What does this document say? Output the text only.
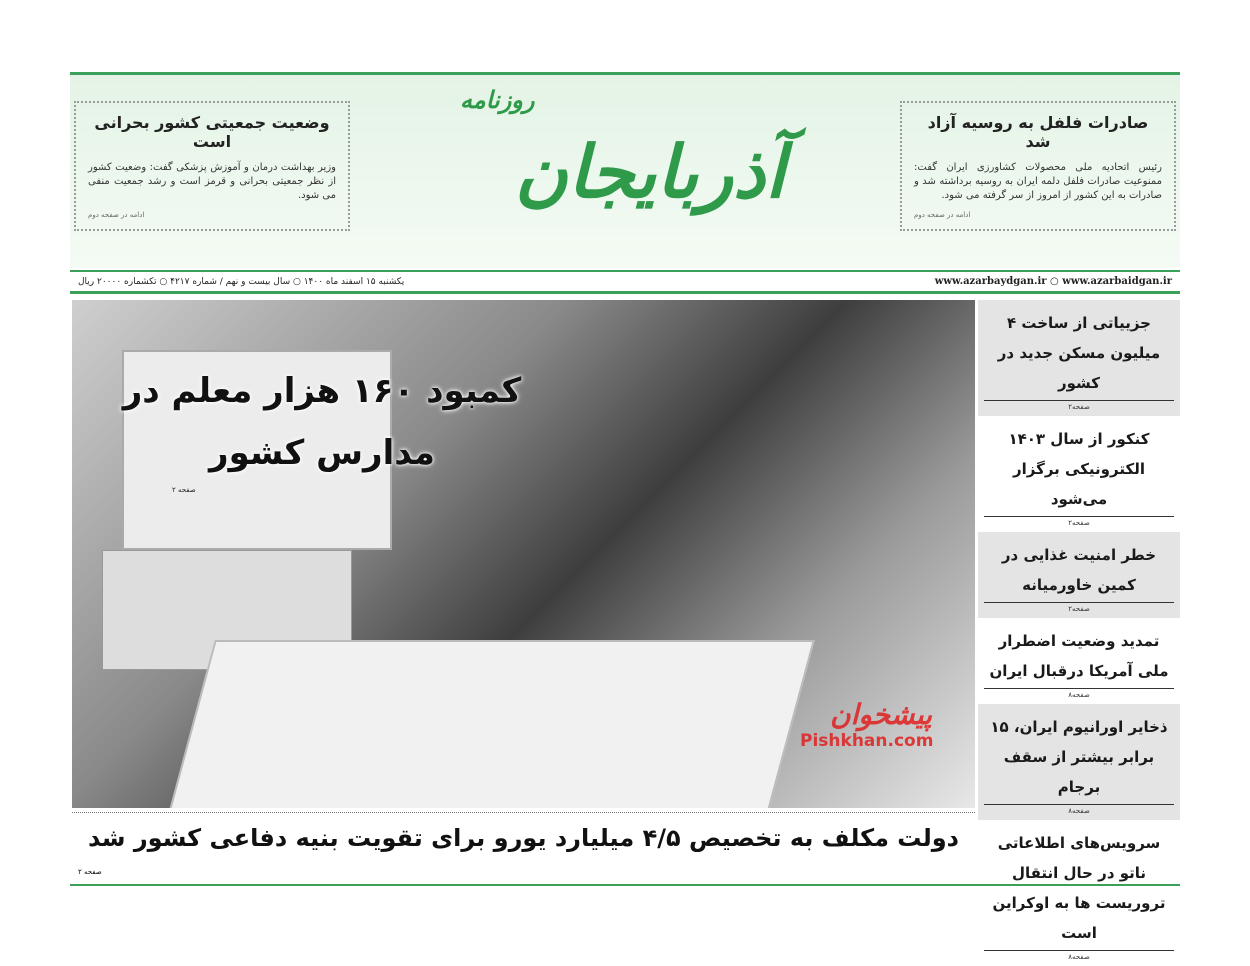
صادرات فلفل به روسیه آزاد شد

رئیس اتحادیه ملی محصولات کشاورزی ایران گفت: ممنوعیت صادرات فلفل دلمه ایران به روسیه برداشته شد و صادرات به این کشور از امروز از سر گرفته می شود.

ادامه در صفحه دوم
روزنامه
آذربایجان
وضعیت جمعیتی کشور بحرانی است

وزیر بهداشت درمان و آموزش پزشکی گفت: وضعیت کشور از نظر جمعیتی بحرانی و قرمز است و رشد جمعیت منفی می شود.

ادامه در صفحه دوم
www.azarbaydgan.ir ○ www.azarbaidgan.ir
یکشنبه ۱۵ اسفند ماه ۱۴۰۰ ○ سال بیست و نهم / شماره ۴۲۱۷ ○ تکشماره ۲۰۰۰۰ ریال
کمبود ۱۶۰ هزار معلم در مدارس کشور
صفحه ۲
جزییاتی از ساخت ۴ میلیون مسکن جدید در کشور
صفحه۲
کنکور از سال ۱۴۰۳ الکترونیکی برگزار می‌شود
صفحه۲
خطر امنیت غذایی در کمین خاورمیانه
صفحه۲
تمدید وضعیت اضطرار ملی آمریکا درقبال ایران
صفحه۸
ذخایر اورانیوم ایران، ۱۵ برابر بیشتر از سقف برجام
صفحه۸
سرویس‌های اطلاعاتی ناتو در حال انتقال تروریست ها به اوکراین است
صفحه۸
پیشخوان
Pishkhan.com
دولت مکلف به تخصیص ۴/۵ میلیارد یورو برای تقویت بنیه دفاعی کشور شد
صفحه ۲
